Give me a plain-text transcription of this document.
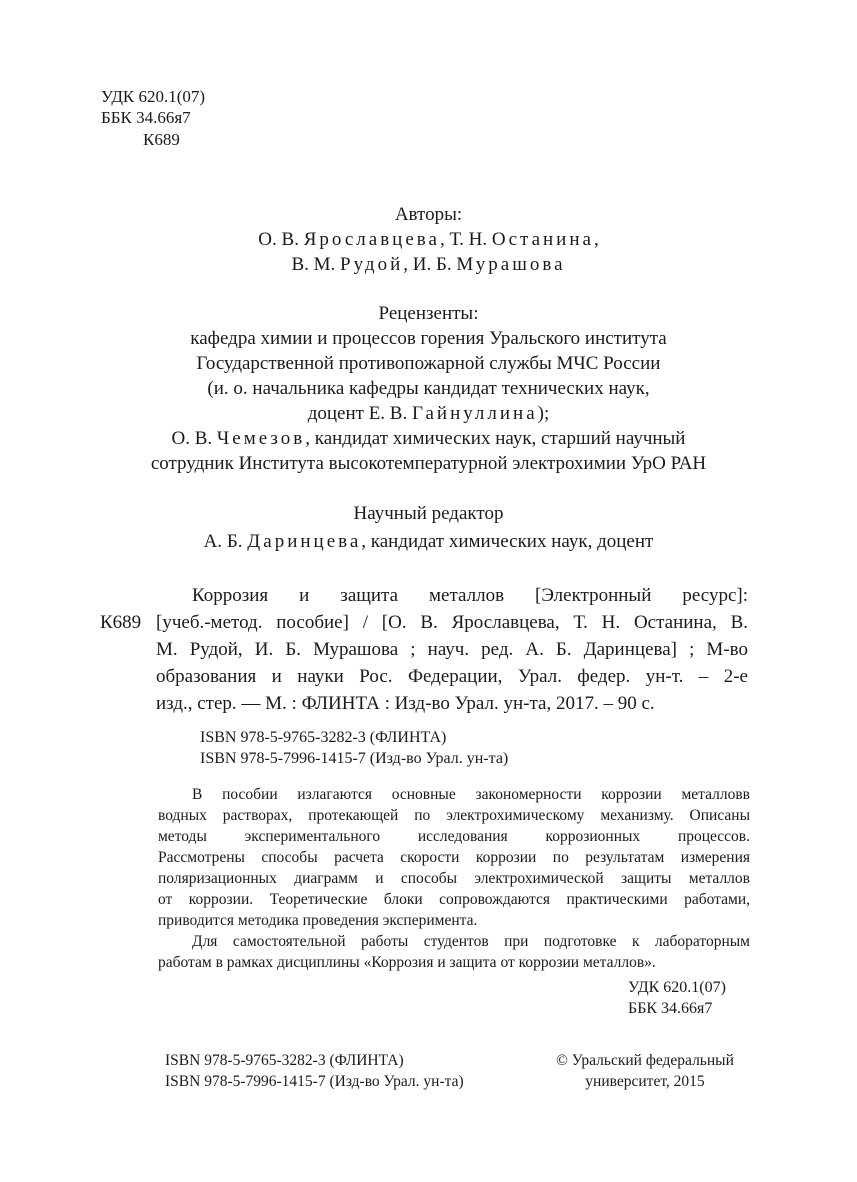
УДК 620.1(07)
ББК 34.66я7
К689
Авторы:
О. В. Ярославцева, Т. Н. Останина,
В. М. Рудой, И. Б. Мурашова
Рецензенты:
кафедра химии и процессов горения Уральского института
Государственной противопожарной службы МЧС России
(и. о. начальника кафедры кандидат технических наук,
доцент Е. В. Гайнуллина);
О. В. Чемезов, кандидат химических наук, старший научный
сотрудник Института высокотемпературной электрохимии УрО РАН
Научный редактор
А. Б. Даринцева, кандидат химических наук, доцент
К689
Коррозия и защита металлов [Электронный ресурс]:
[учеб.-метод. пособие] / [О. В. Ярославцева, Т. Н. Останина, В.
М. Рудой, И. Б. Мурашова ; науч. ред. А. Б. Даринцева] ; М-во
образования и науки Рос. Федерации, Урал. федер. ун-т. – 2-е
изд., стер. — М. : ФЛИНТА : Изд-во Урал. ун-та, 2017. – 90 с.
ISBN 978-5-9765-3282-3 (ФЛИНТА)
ISBN 978-5-7996-1415-7 (Изд-во Урал. ун-та)
В пособии излагаются основные закономерности коррозии металловв
водных растворах, протекающей по электрохимическому механизму. Описаны
методы экспериментального исследования коррозионных процессов.
Рассмотрены способы расчета скорости коррозии по результатам измерения
поляризационных диаграмм и способы электрохимической защиты металлов
от коррозии. Теоретические блоки сопровождаются практическими работами,
приводится методика проведения эксперимента.
Для самостоятельной работы студентов при подготовке к лабораторным
работам в рамках дисциплины «Коррозия и защита от коррозии металлов».
УДК 620.1(07)
ББК 34.66я7
ISBN 978-5-9765-3282-3 (ФЛИНТА)
ISBN 978-5-7996-1415-7 (Изд-во Урал. ун-та)
© Уральский федеральный
университет, 2015
